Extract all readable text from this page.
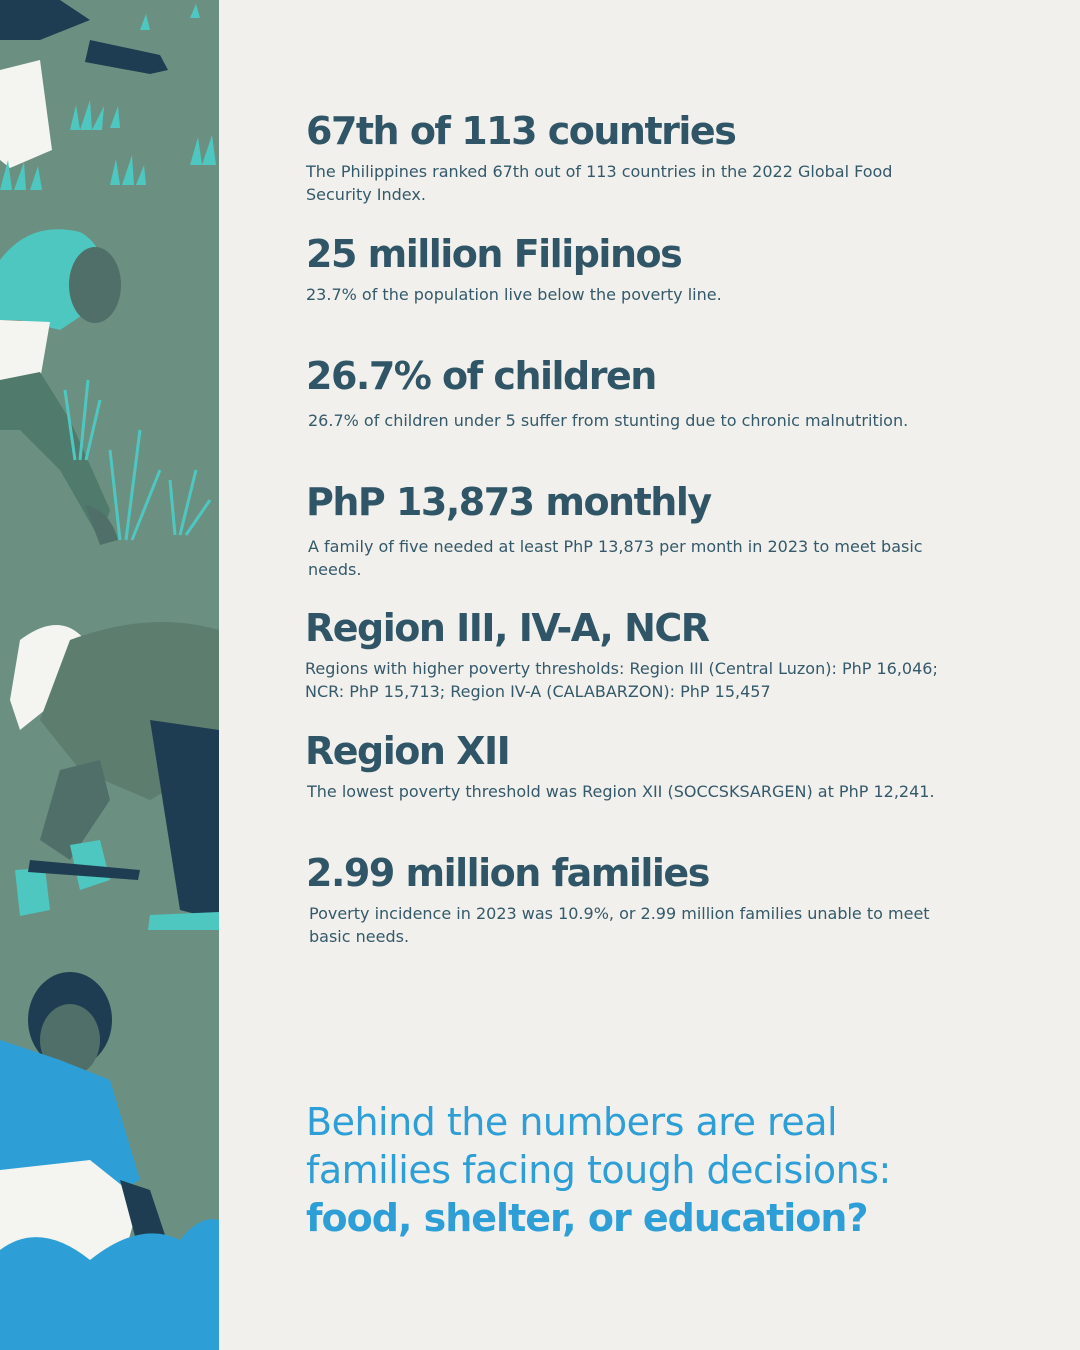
67th of 113 countries

The Philippines ranked 67th out of 113 countries in the 2022 Global Food Security Index.

25 million Filipinos

23.7% of the population live below the poverty line.

26.7% of children

26.7% of children under 5 suffer from stunting due to chronic malnutrition.

PhP 13,873 monthly

A family of five needed at least PhP 13,873 per month in 2023 to meet basic needs.

Region III, IV-A, NCR

Regions with higher poverty thresholds: Region III (Central Luzon): PhP 16,046; NCR: PhP 15,713; Region IV-A (CALABARZON): PhP 15,457

Region XII

The lowest poverty threshold was Region XII (SOCCSKSARGEN) at PhP 12,241.

2.99 million families

Poverty incidence in 2023 was 10.9%, or 2.99 million families unable to meet basic needs.

Behind the numbers are real
families facing tough decisions:
food, shelter, or education?
